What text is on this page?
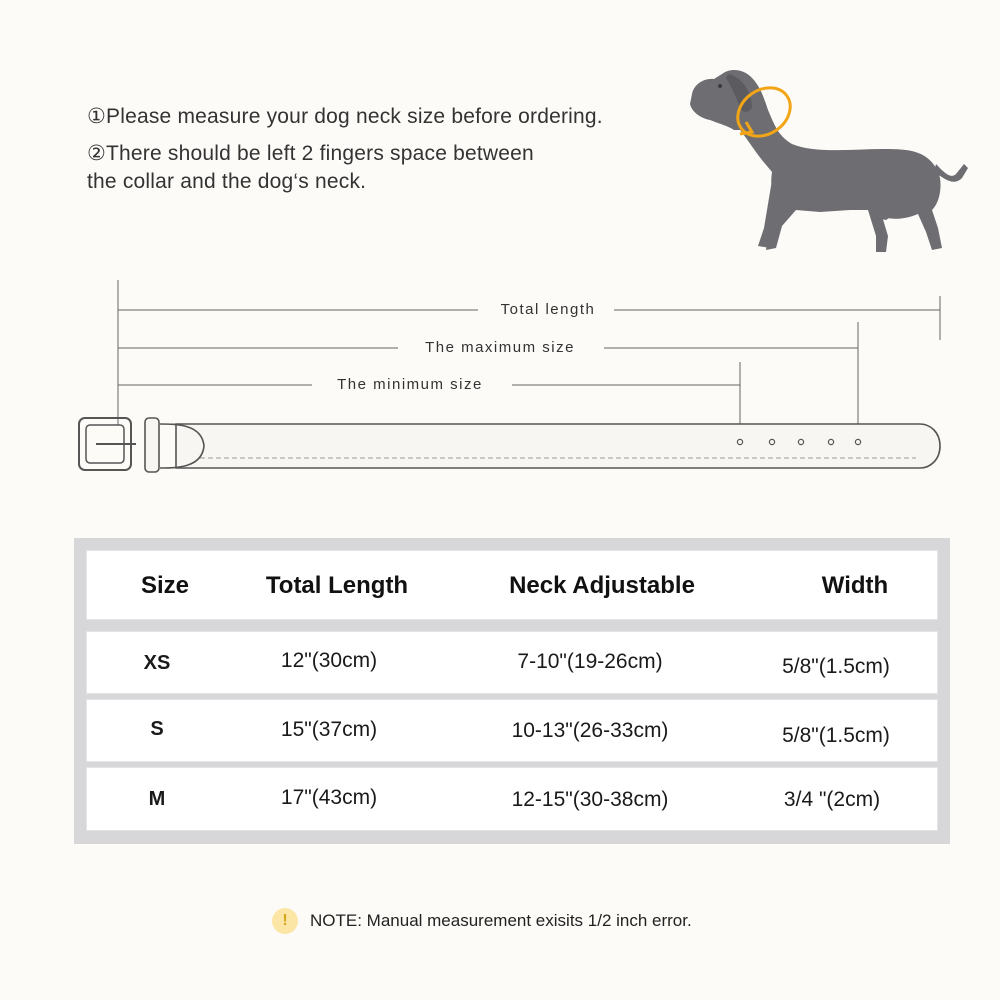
①Please measure your dog neck size before ordering.
②There should be left 2 fingers space between
the collar and the dog‘s neck.
Total length
The maximum size
The minimum size
Size	Total Length	Neck Adjustable	Width
XS	12"(30cm)	7-10"(19-26cm)	5/8"(1.5cm)
S	15"(37cm)	10-13"(26-33cm)	5/8"(1.5cm)
M	17"(43cm)	12-15"(30-38cm)	3/4 "(2cm)
!	NOTE: Manual measurement exisits 1/2 inch error.
